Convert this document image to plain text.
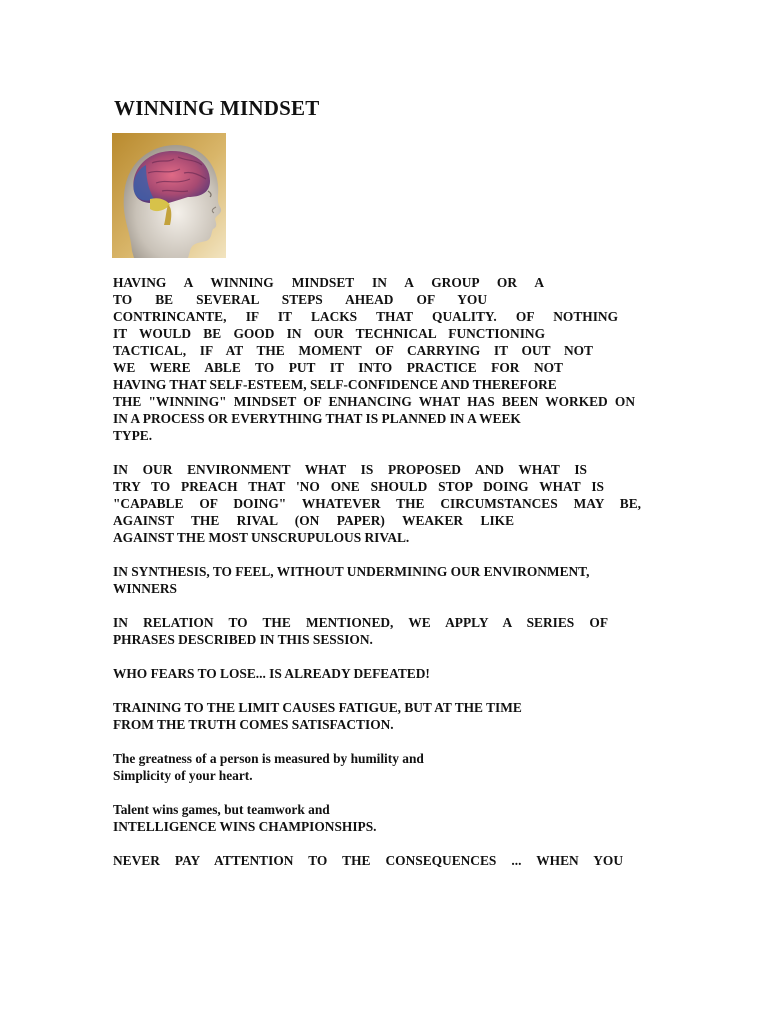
WINNING MINDSET
HAVING A WINNING MINDSET IN A GROUP OR A
TO BE SEVERAL STEPS AHEAD OF YOU
CONTRINCANTE, IF IT LACKS THAT QUALITY. OF NOTHING
IT WOULD BE GOOD IN OUR TECHNICAL FUNCTIONING
TACTICAL, IF AT THE MOMENT OF CARRYING IT OUT NOT
WE WERE ABLE TO PUT IT INTO PRACTICE FOR NOT
HAVING THAT SELF-ESTEEM, SELF-CONFIDENCE AND THEREFORE
THE "WINNING" MINDSET OF ENHANCING WHAT HAS BEEN WORKED ON
IN A PROCESS OR EVERYTHING THAT IS PLANNED IN A WEEK
TYPE.
IN OUR ENVIRONMENT WHAT IS PROPOSED AND WHAT IS
TRY TO PREACH THAT 'NO ONE SHOULD STOP DOING WHAT IS
"CAPABLE OF DOING" WHATEVER THE CIRCUMSTANCES MAY BE,
AGAINST THE RIVAL (ON PAPER) WEAKER LIKE
AGAINST THE MOST UNSCRUPULOUS RIVAL.
IN SYNTHESIS, TO FEEL, WITHOUT UNDERMINING OUR ENVIRONMENT,
WINNERS
IN RELATION TO THE MENTIONED, WE APPLY A SERIES OF
PHRASES DESCRIBED IN THIS SESSION.
WHO FEARS TO LOSE... IS ALREADY DEFEATED!
TRAINING TO THE LIMIT CAUSES FATIGUE, BUT AT THE TIME
FROM THE TRUTH COMES SATISFACTION.
The greatness of a person is measured by humility and
Simplicity of your heart.
Talent wins games, but teamwork and
INTELLIGENCE WINS CHAMPIONSHIPS.
NEVER PAY ATTENTION TO THE CONSEQUENCES ... WHEN YOU
